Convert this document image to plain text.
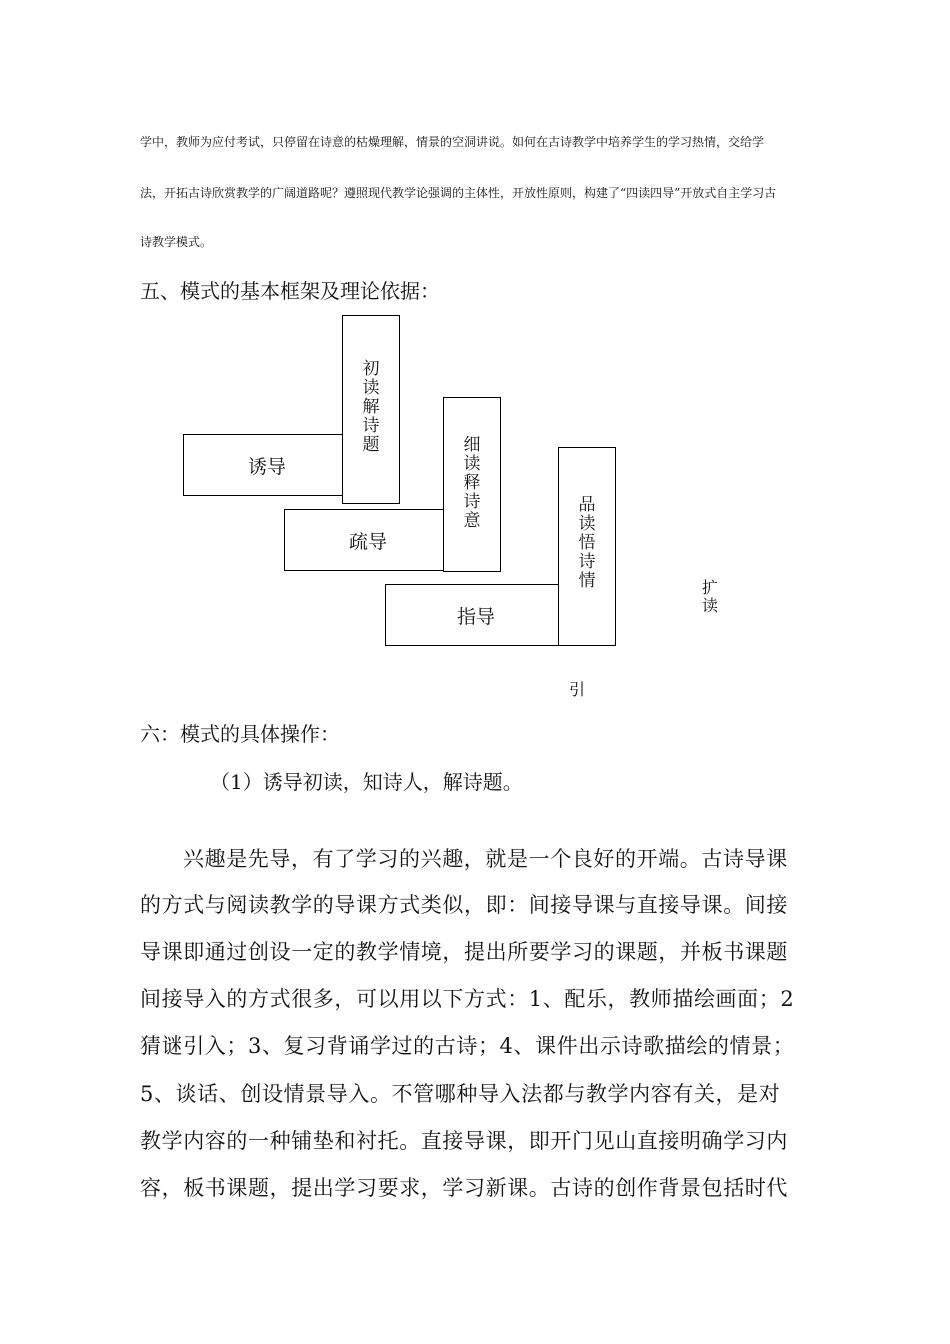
学中，教师为应付考试，只停留在诗意的枯燥理解，情景的空洞讲说。如何在古诗教学中培养学生的学习热情，交给学
法，开拓古诗欣赏教学的广阔道路呢？遵照现代教学论强调的主体性，开放性原则，构建了“四读四导”开放式自主学习古
诗教学模式。
五、模式的基本框架及理论依据：
诱导
疏导
指导
初读解诗题	细读释诗意
品读悟诗情	扩读
引
六：模式的具体操作：
（1）诱导初读，知诗人，解诗题。
兴趣是先导，有了学习的兴趣，就是一个良好的开端。古诗导课
的方式与阅读教学的导课方式类似，即：间接导课与直接导课。间接
导课即通过创设一定的教学情境，提出所要学习的课题，并板书课题
间接导入的方式很多，可以用以下方式：1、配乐，教师描绘画面；2
猜谜引入；3、复习背诵学过的古诗；4、课件出示诗歌描绘的情景；
5、谈话、创设情景导入。不管哪种导入法都与教学内容有关，是对
教学内容的一种铺垫和衬托。直接导课，即开门见山直接明确学习内
容，板书课题，提出学习要求，学习新课。古诗的创作背景包括时代
